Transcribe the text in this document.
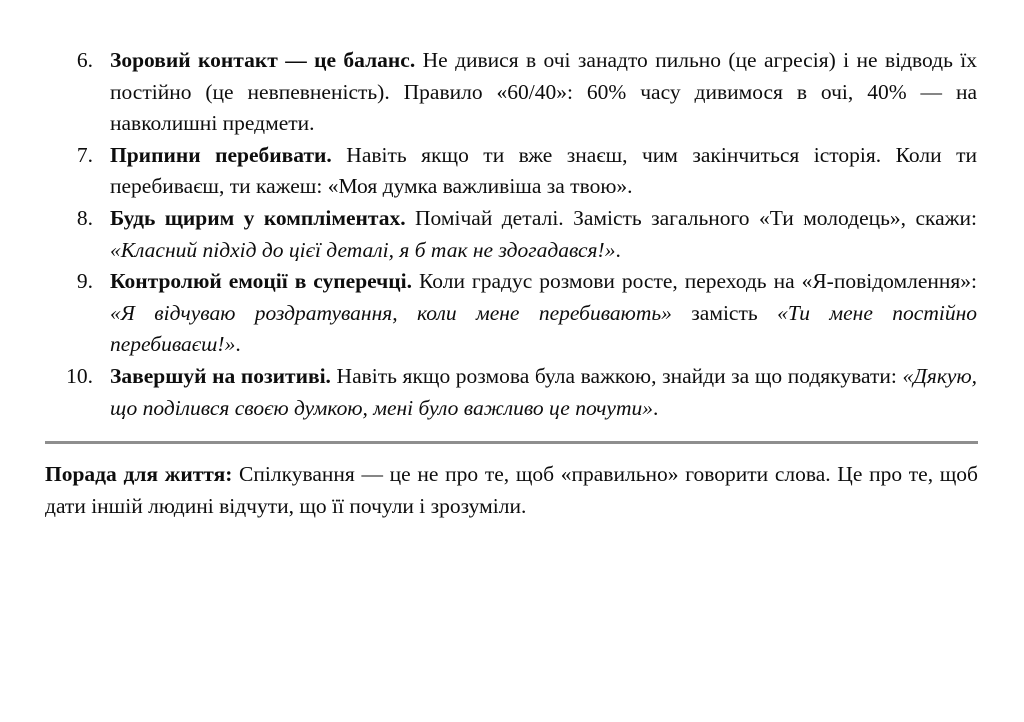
6. Зоровий контакт — це баланс. Не дивися в очі занадто пильно (це агресія) і не відводь їх постійно (це невпевненість). Правило «60/40»: 60% часу дивимося в очі, 40% — на навколишні предмети.
7. Припини перебивати. Навіть якщо ти вже знаєш, чим закінчиться історія. Коли ти перебиваєш, ти кажеш: «Моя думка важливіша за твою».
8. Будь щирим у компліментах. Помічай деталі. Замість загального «Ти молодець», скажи: «Класний підхід до цієї деталі, я б так не здогадався!».
9. Контролюй емоції в суперечці. Коли градус розмови росте, переходь на «Я-повідомлення»: «Я відчуваю роздратування, коли мене перебивають» замість «Ти мене постійно перебиваєш!».
10. Завершуй на позитиві. Навіть якщо розмова була важкою, знайди за що подякувати: «Дякую, що поділився своєю думкою, мені було важливо це почути».

Порада для життя: Спілкування — це не про те, щоб «правильно» говорити слова. Це про те, щоб дати іншій людині відчути, що її почули і зрозуміли.
